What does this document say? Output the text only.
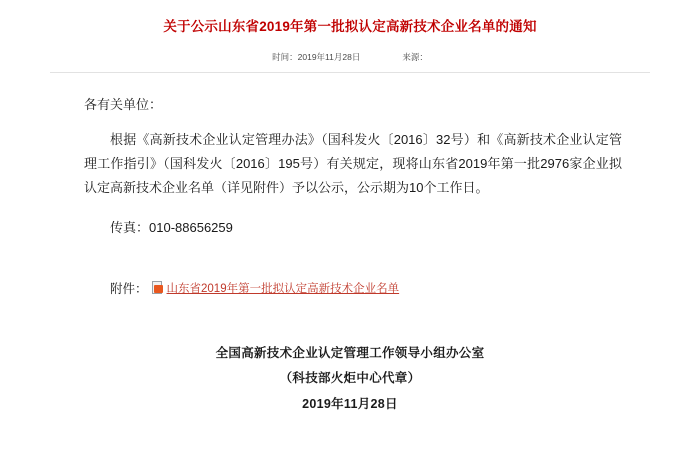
关于公示山东省2019年第一批拟认定高新技术企业名单的通知
时间：2019年11月28日	来源：
各有关单位：
根据《高新技术企业认定管理办法》（国科发火〔2016〕32号）和《高新技术企业认定管理工作指引》（国科发火〔2016〕195号）有关规定，现将山东省2019年第一批2976家企业拟认定高新技术企业名单（详见附件）予以公示，公示期为10个工作日。
传真：010-88656259
附件： 山东省2019年第一批拟认定高新技术企业名单
全国高新技术企业认定管理工作领导小组办公室
（科技部火炬中心代章）
2019年11月28日
